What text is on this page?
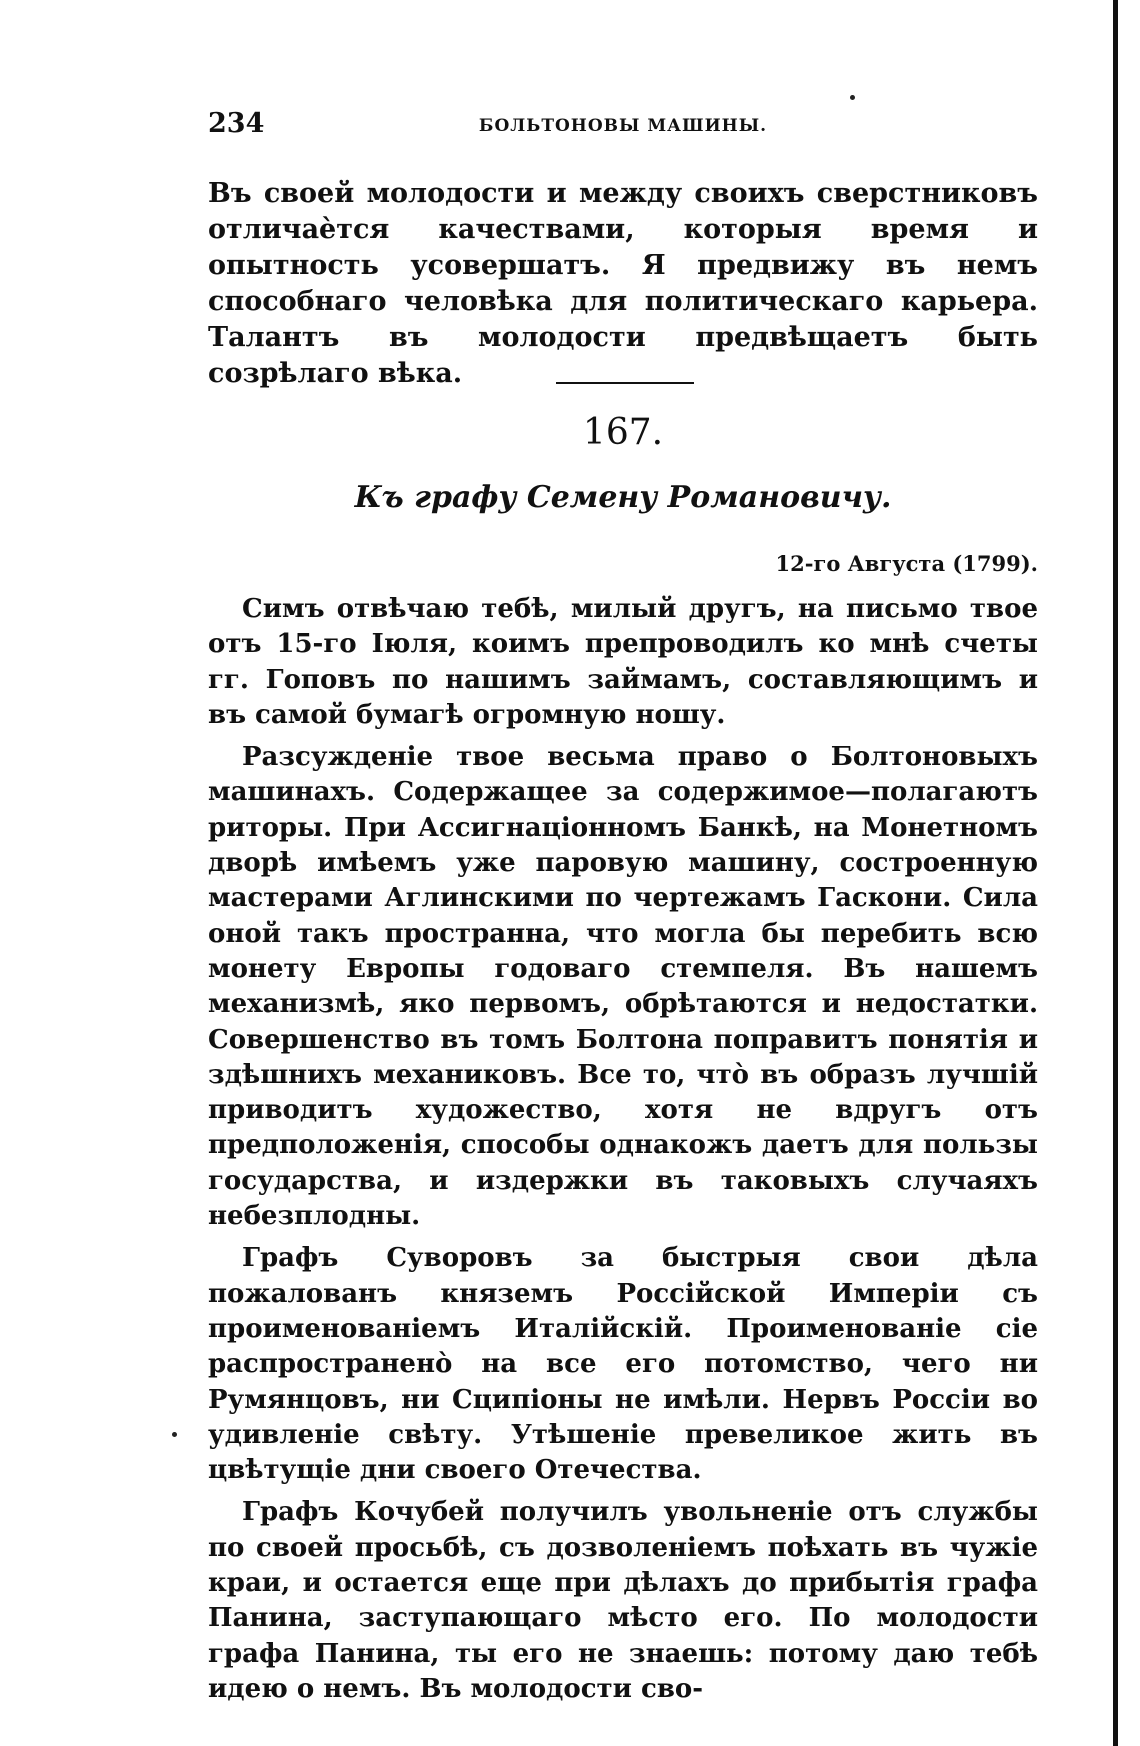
234	БОЛЬТОНОВЫ МАШИНЫ.

Въ своей молодости и между своихъ сверстниковъ отличаѐтся качествами, которыя время и опытность усовершатъ. Я предвижу въ немъ способнаго человѣка для политическаго карьера. Талантъ въ молодости предвѣщаетъ быть созрѣлаго вѣка.

167.
Къ графу Семену Романовичу.
12-го Августа (1799).

Симъ отвѣчаю тебѣ, милый другъ, на письмо твое отъ 15-го Іюля, коимъ препроводилъ ко мнѣ счеты гг. Гоповъ по нашимъ займамъ, составляющимъ и въ самой бумагѣ огромную ношу.

Разсужденіе твое весьма право о Болтоновыхъ машинахъ. Содержащее за содержимое—полагаютъ риторы. При Ассигнаціонномъ Банкѣ, на Монетномъ дворѣ имѣемъ уже паровую машину, состроенную мастерами Аглинскими по чертежамъ Гаскони. Сила оной такъ пространна, что могла бы перебить всю монету Европы годоваго стемпеля. Въ нашемъ механизмѣ, яко первомъ, обрѣтаются и недостатки. Совершенство въ томъ Болтона поправитъ понятія и здѣшнихъ механиковъ. Все то, чтὸ въ образъ лучшій приводитъ художество, хотя не вдругъ отъ предположенія, способы однакожъ даетъ для пользы государства, и издержки въ таковыхъ случаяхъ небезплодны.

Графъ Суворовъ за быстрыя свои дѣла пожалованъ княземъ Россійской Имперіи съ проименованіемъ Италійскій. Проименованіе сіе распространенὸ на все его потомство, чего ни Румянцовъ, ни Сципіоны не имѣли. Нервъ Россіи во удивленіе свѣту. Утѣшеніе превеликое жить въ цвѣтущіе дни своего Отечества.

Графъ Кочубей получилъ увольненіе отъ службы по своей просьбѣ, съ дозволеніемъ поѣхать въ чужіе краи, и остается еще при дѣлахъ до прибытія графа Панина, заступающаго мѣсто его. По молодости графа Панина, ты его не знаешь: потому даю тебѣ идею о немъ. Въ молодости сво-
